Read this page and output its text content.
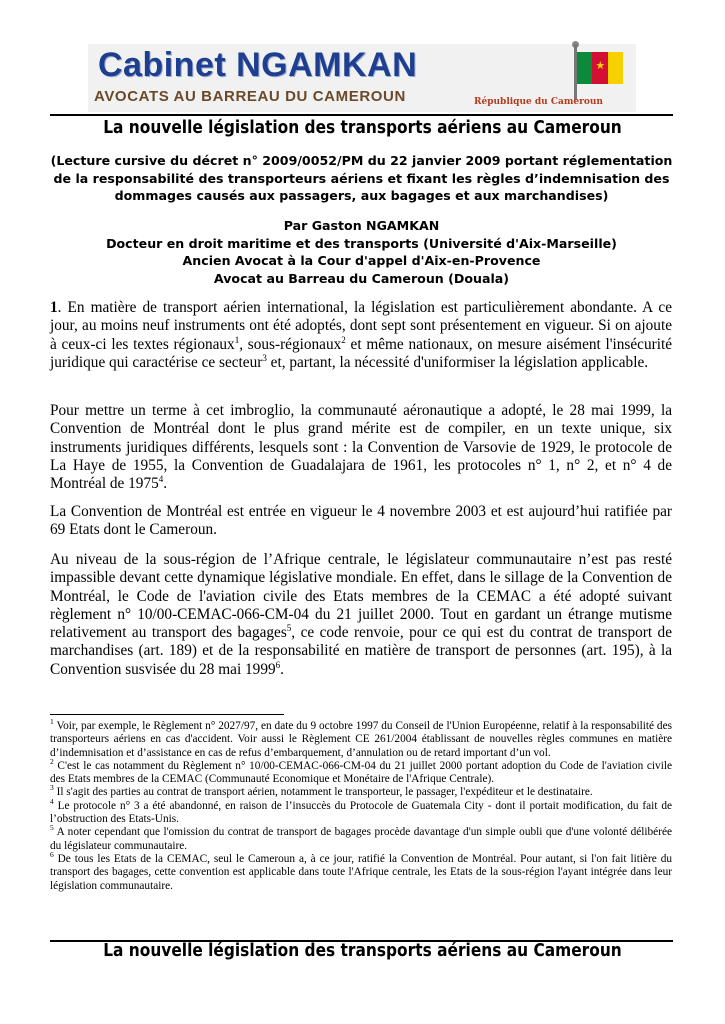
Cabinet NGAMKAN
AVOCATS AU BARREAU DU CAMEROUN
★
République du Cameroun
La nouvelle législation des transports aériens au Cameroun
(Lecture cursive du décret n° 2009/0052/PM du 22 janvier 2009 portant réglementation de la responsabilité des transporteurs aériens et fixant les règles d’indemnisation des dommages causés aux passagers, aux bagages et aux marchandises)
Par Gaston NGAMKAN
Docteur en droit maritime et des transports (Université d'Aix-Marseille)
Ancien Avocat à la Cour d'appel d'Aix-en-Provence
Avocat au Barreau du Cameroun (Douala)

1. En matière de transport aérien international, la législation est particulièrement abondante. A ce jour, au moins neuf instruments ont été adoptés, dont sept sont présentement en vigueur. Si on ajoute à ceux-ci les textes régionaux$^1$, sous-régionaux$^2$ et même nationaux, on mesure aisément l'insécurité juridique qui caractérise ce secteur$^3$ et, partant, la nécessité d'uniformiser la législation applicable.

Pour mettre un terme à cet imbroglio, la communauté aéronautique a adopté, le 28 mai 1999, la Convention de Montréal dont le plus grand mérite est de compiler, en un texte unique, six instruments juridiques différents, lesquels sont : la Convention de Varsovie de 1929, le protocole de La Haye de 1955, la Convention de Guadalajara de 1961, les protocoles n° 1, n° 2, et n° 4 de Montréal de 1975$^4$.

La Convention de Montréal est entrée en vigueur le 4 novembre 2003 et est aujourd’hui ratifiée par 69 Etats dont le Cameroun.

Au niveau de la sous-région de l’Afrique centrale, le législateur communautaire n’est pas resté impassible devant cette dynamique législative mondiale. En effet, dans le sillage de la Convention de Montréal, le Code de l'aviation civile des Etats membres de la CEMAC a été adopté suivant règlement n° 10/00-CEMAC-066-CM-04 du 21 juillet 2000. Tout en gardant un étrange mutisme relativement au transport des bagages$^5$, ce code renvoie, pour ce qui est du contrat de transport de marchandises (art. 189) et de la responsabilité en matière de transport de personnes (art. 195), à la Convention susvisée du 28 mai 1999$^6$.

$^1$ Voir, par exemple, le Règlement n° 2027/97, en date du 9 octobre 1997 du Conseil de l'Union Européenne, relatif à la responsabilité des transporteurs aériens en cas d'accident. Voir aussi le Règlement CE 261/2004 établissant de nouvelles règles communes en matière d’indemnisation et d’assistance en cas de refus d’embarquement, d’annulation ou de retard important d’un vol.
$^2$ C'est le cas notamment du Règlement n° 10/00-CEMAC-066-CM-04 du 21 juillet 2000 portant adoption du Code de l'aviation civile des Etats membres de la CEMAC (Communauté Economique et Monétaire de l'Afrique Centrale).
$^3$ Il s'agit des parties au contrat de transport aérien, notamment le transporteur, le passager, l'expéditeur et le destinataire.
$^4$ Le protocole n° 3 a été abandonné, en raison de l’insuccès du Protocole de Guatemala City - dont il portait modification, du fait de l’obstruction des Etats-Unis.
$^5$ A noter cependant que l'omission du contrat de transport de bagages procède davantage d'un simple oubli que d'une volonté délibérée du législateur communautaire.
$^6$ De tous les Etats de la CEMAC, seul le Cameroun a, à ce jour, ratifié la Convention de Montréal. Pour autant, si l'on fait litière du transport des bagages, cette convention est applicable dans toute l'Afrique centrale, les Etats de la sous-région l'ayant intégrée dans leur législation communautaire.
La nouvelle législation des transports aériens au Cameroun
